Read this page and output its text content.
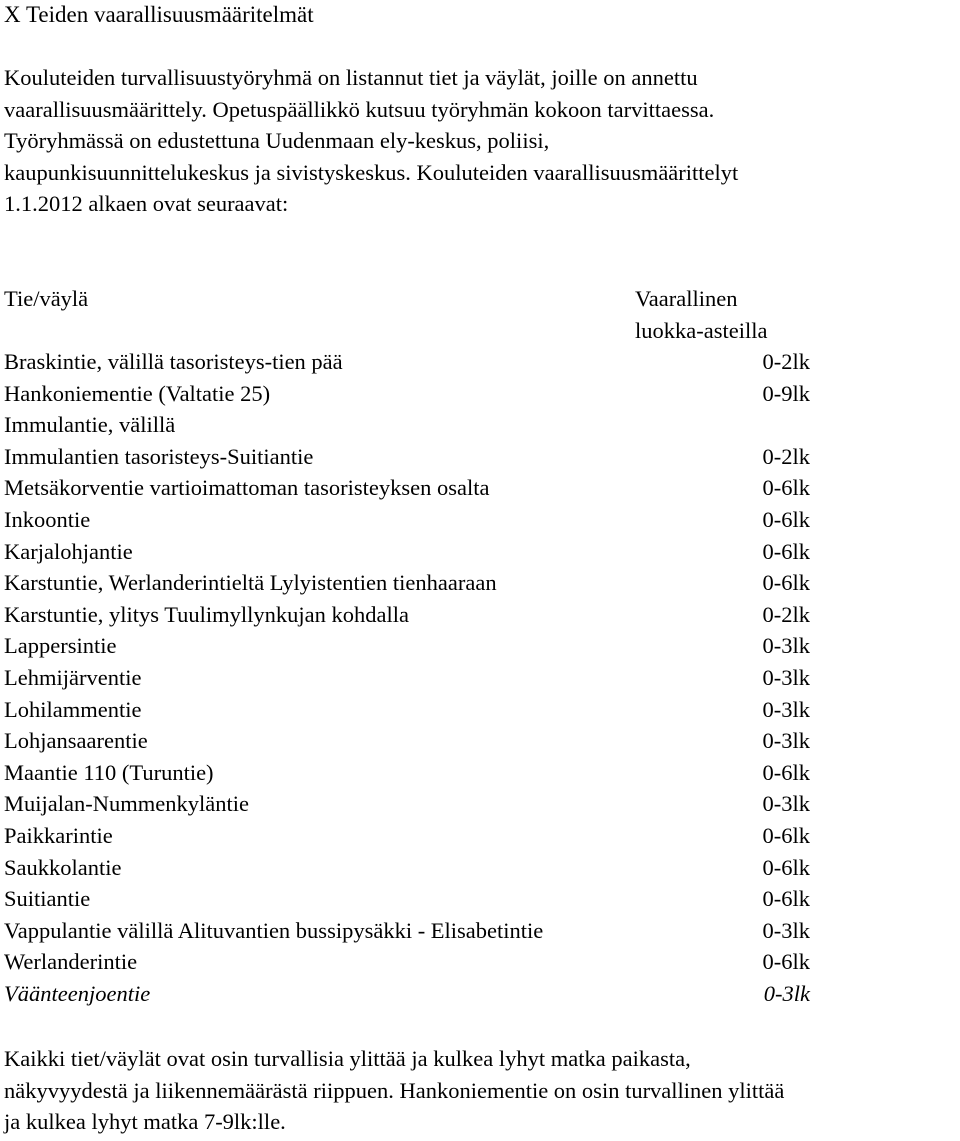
X Teiden vaarallisuusmääritelmät
Kouluteiden turvallisuustyöryhmä on listannut tiet ja väylät, joille on annettu
vaarallisuusmäärittely. Opetuspäällikkö kutsuu työryhmän kokoon tarvittaessa.
Työryhmässä on edustettuna Uudenmaan ely-keskus, poliisi,
kaupunkisuunnittelukeskus ja sivistyskeskus. Kouluteiden vaarallisuusmäärittelyt
1.1.2012 alkaen ovat seuraavat:
Tie/väylä	Vaarallinen
luokka-asteilla
Braskintie, välillä tasoristeys-tien pää	0-2lk
Hankoniementie (Valtatie 25)	0-9lk
Immulantie, välillä
Immulantien tasoristeys-Suitiantie	0-2lk
Metsäkorventie vartioimattoman tasoristeyksen osalta	0-6lk
Inkoontie	0-6lk
Karjalohjantie	0-6lk
Karstuntie, Werlanderintieltä Lylyistentien tienhaaraan	0-6lk
Karstuntie, ylitys Tuulimyllynkujan kohdalla	0-2lk
Lappersintie	0-3lk
Lehmijärventie	0-3lk
Lohilammentie	0-3lk
Lohjansaarentie	0-3lk
Maantie 110 (Turuntie)	0-6lk
Muijalan-Nummenkyläntie	0-3lk
Paikkarintie	0-6lk
Saukkolantie	0-6lk
Suitiantie	0-6lk
Vappulantie välillä Alituvantien bussipysäkki - Elisabetintie	0-3lk
Werlanderintie	0-6lk
Väänteenjoentie	0-3lk
Kaikki tiet/väylät ovat osin turvallisia ylittää ja kulkea lyhyt matka paikasta,
näkyvyydestä ja liikennemäärästä riippuen. Hankoniementie on osin turvallinen ylittää
ja kulkea lyhyt matka 7-9lk:lle.
